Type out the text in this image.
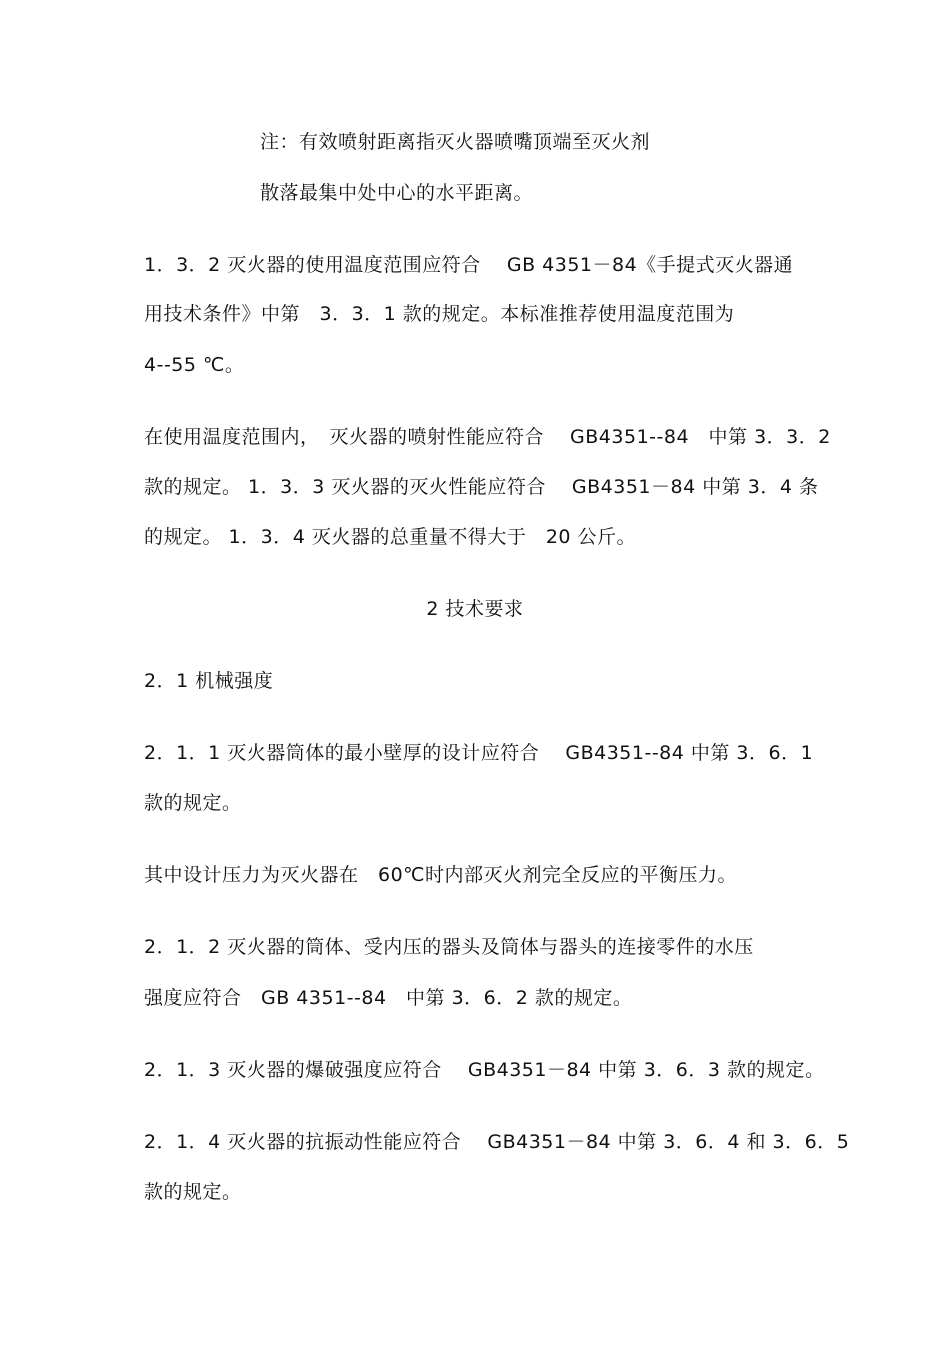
注：有效喷射距离指灭火器喷嘴顶端至灭火剂
散落最集中处中心的水平距离。
1．3．2 灭火器的使用温度范围应符合　 GB 4351－84《手提式灭火器通
用技术条件》中第　3．3．1 款的规定。本标准推荐使用温度范围为
4--55 ℃。
在使用温度范围内，　灭火器的喷射性能应符合　 GB4351--84　中第 3．3．2
款的规定。 1．3．3 灭火器的灭火性能应符合　 GB4351－84 中第 3．4 条
的规定。 1．3．4 灭火器的总重量不得大于　20 公斤。
2 技术要求
2．1 机械强度
2．1．1 灭火器筒体的最小壁厚的设计应符合　 GB4351--84 中第 3．6．1
款的规定。
其中设计压力为灭火器在　60℃时内部灭火剂完全反应的平衡压力。
2．1．2 灭火器的筒体、受内压的器头及筒体与器头的连接零件的水压
强度应符合　GB 4351--84　中第 3．6．2 款的规定。
2．1．3 灭火器的爆破强度应符合　 GB4351－84 中第 3．6．3 款的规定。
2．1．4 灭火器的抗振动性能应符合　 GB4351－84 中第 3．6．4 和 3．6．5
款的规定。
